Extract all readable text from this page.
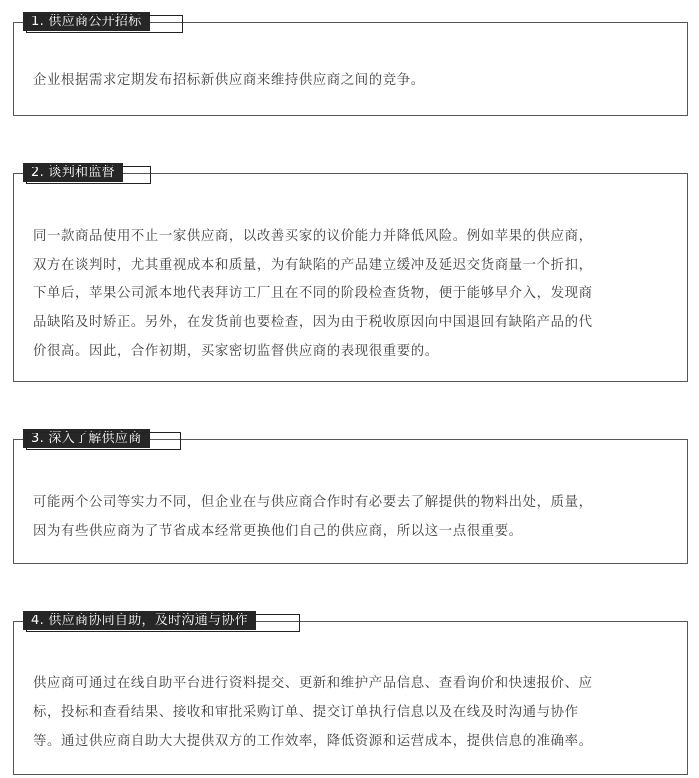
1. 供应商公开招标

企业根据需求定期发布招标新供应商来维持供应商之间的竞争。

2. 谈判和监督
同一款商品使用不止一家供应商，以改善买家的议价能力并降低风险。例如苹果的供应商，
双方在谈判时，尤其重视成本和质量，为有缺陷的产品建立缓冲及延迟交货商量一个折扣，
下单后，苹果公司派本地代表拜访工厂且在不同的阶段检查货物，便于能够早介入，发现商
品缺陷及时矫正。另外，在发货前也要检查，因为由于税收原因向中国退回有缺陷产品的代
价很高。因此，合作初期，买家密切监督供应商的表现很重要的。
3. 深入了解供应商
可能两个公司等实力不同，但企业在与供应商合作时有必要去了解提供的物料出处，质量，
因为有些供应商为了节省成本经常更换他们自己的供应商，所以这一点很重要。
4. 供应商协同自助，及时沟通与协作
供应商可通过在线自助平台进行资料提交、更新和维护产品信息、查看询价和快速报价、应
标，投标和查看结果、接收和审批采购订单、提交订单执行信息以及在线及时沟通与协作
等。通过供应商自助大大提供双方的工作效率，降低资源和运营成本，提供信息的准确率。
